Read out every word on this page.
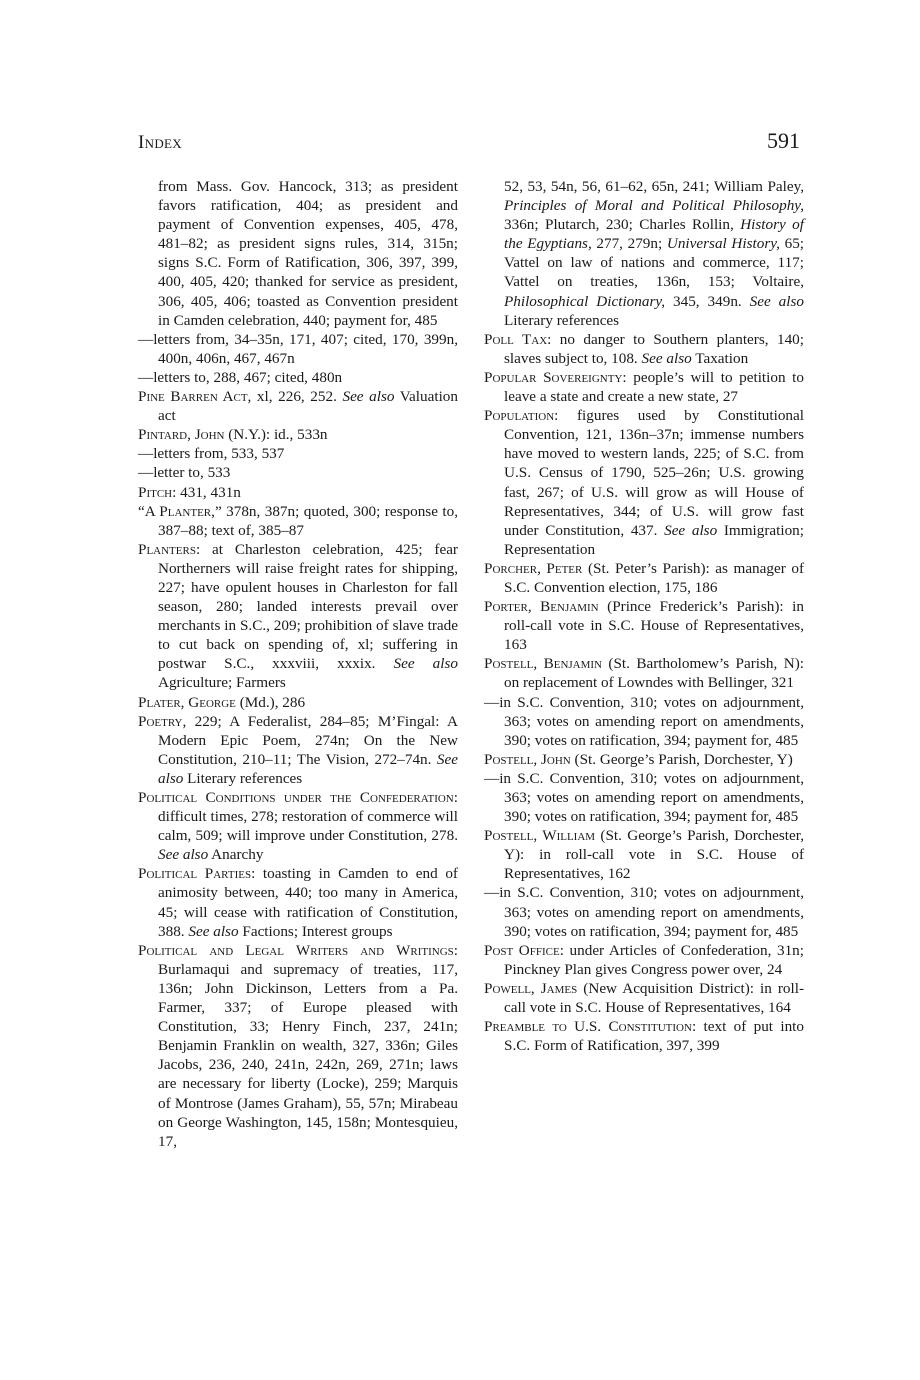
Index	591
from Mass. Gov. Hancock, 313; as president favors ratification, 404; as president and payment of Convention expenses, 405, 478, 481–82; as president signs rules, 314, 315n; signs S.C. Form of Ratification, 306, 397, 399, 400, 405, 420; thanked for service as president, 306, 405, 406; toasted as Convention president in Camden celebration, 440; payment for, 485
—letters from, 34–35n, 171, 407; cited, 170, 399n, 400n, 406n, 467, 467n
—letters to, 288, 467; cited, 480n
Pine Barren Act, xl, 226, 252. See also Valuation act
Pintard, John (N.Y.): id., 533n
—letters from, 533, 537
—letter to, 533
Pitch: 431, 431n
“A Planter,” 378n, 387n; quoted, 300; response to, 387–88; text of, 385–87
Planters: at Charleston celebration, 425; fear Northerners will raise freight rates for shipping, 227; have opulent houses in Charleston for fall season, 280; landed interests prevail over merchants in S.C., 209; prohibition of slave trade to cut back on spending of, xl; suffering in postwar S.C., xxxviii, xxxix. See also Agriculture; Farmers
Plater, George (Md.), 286
Poetry, 229; A Federalist, 284–85; M’Fingal: A Modern Epic Poem, 274n; On the New Constitution, 210–11; The Vision, 272–74n. See also Literary references
Political Conditions under the Confederation: difficult times, 278; restoration of commerce will calm, 509; will improve under Constitution, 278. See also Anarchy
Political Parties: toasting in Camden to end of animosity between, 440; too many in America, 45; will cease with ratification of Constitution, 388. See also Factions; Interest groups
Political and Legal Writers and Writings: Burlamaqui and supremacy of treaties, 117, 136n; John Dickinson, Letters from a Pa. Farmer, 337; of Europe pleased with Constitution, 33; Henry Finch, 237, 241n; Benjamin Franklin on wealth, 327, 336n; Giles Jacobs, 236, 240, 241n, 242n, 269, 271n; laws are necessary for liberty (Locke), 259; Marquis of Montrose (James Graham), 55, 57n; Mirabeau on George Washington, 145, 158n; Montesquieu, 17,
52, 53, 54n, 56, 61–62, 65n, 241; William Paley, Principles of Moral and Political Philosophy, 336n; Plutarch, 230; Charles Rollin, History of the Egyptians, 277, 279n; Universal History, 65; Vattel on law of nations and commerce, 117; Vattel on treaties, 136n, 153; Voltaire, Philosophical Dictionary, 345, 349n. See also Literary references
Poll Tax: no danger to Southern planters, 140; slaves subject to, 108. See also Taxation
Popular Sovereignty: people’s will to petition to leave a state and create a new state, 27
Population: figures used by Constitutional Convention, 121, 136n–37n; immense numbers have moved to western lands, 225; of S.C. from U.S. Census of 1790, 525–26n; U.S. growing fast, 267; of U.S. will grow as will House of Representatives, 344; of U.S. will grow fast under Constitution, 437. See also Immigration; Representation
Porcher, Peter (St. Peter’s Parish): as manager of S.C. Convention election, 175, 186
Porter, Benjamin (Prince Frederick’s Parish): in roll-call vote in S.C. House of Representatives, 163
Postell, Benjamin (St. Bartholomew’s Parish, N): on replacement of Lowndes with Bellinger, 321
—in S.C. Convention, 310; votes on adjournment, 363; votes on amending report on amendments, 390; votes on ratification, 394; payment for, 485
Postell, John (St. George’s Parish, Dorchester, Y)
—in S.C. Convention, 310; votes on adjournment, 363; votes on amending report on amendments, 390; votes on ratification, 394; payment for, 485
Postell, William (St. George’s Parish, Dorchester, Y): in roll-call vote in S.C. House of Representatives, 162
—in S.C. Convention, 310; votes on adjournment, 363; votes on amending report on amendments, 390; votes on ratification, 394; payment for, 485
Post Office: under Articles of Confederation, 31n; Pinckney Plan gives Congress power over, 24
Powell, James (New Acquisition District): in roll-call vote in S.C. House of Representatives, 164
Preamble to U.S. Constitution: text of put into S.C. Form of Ratification, 397, 399
